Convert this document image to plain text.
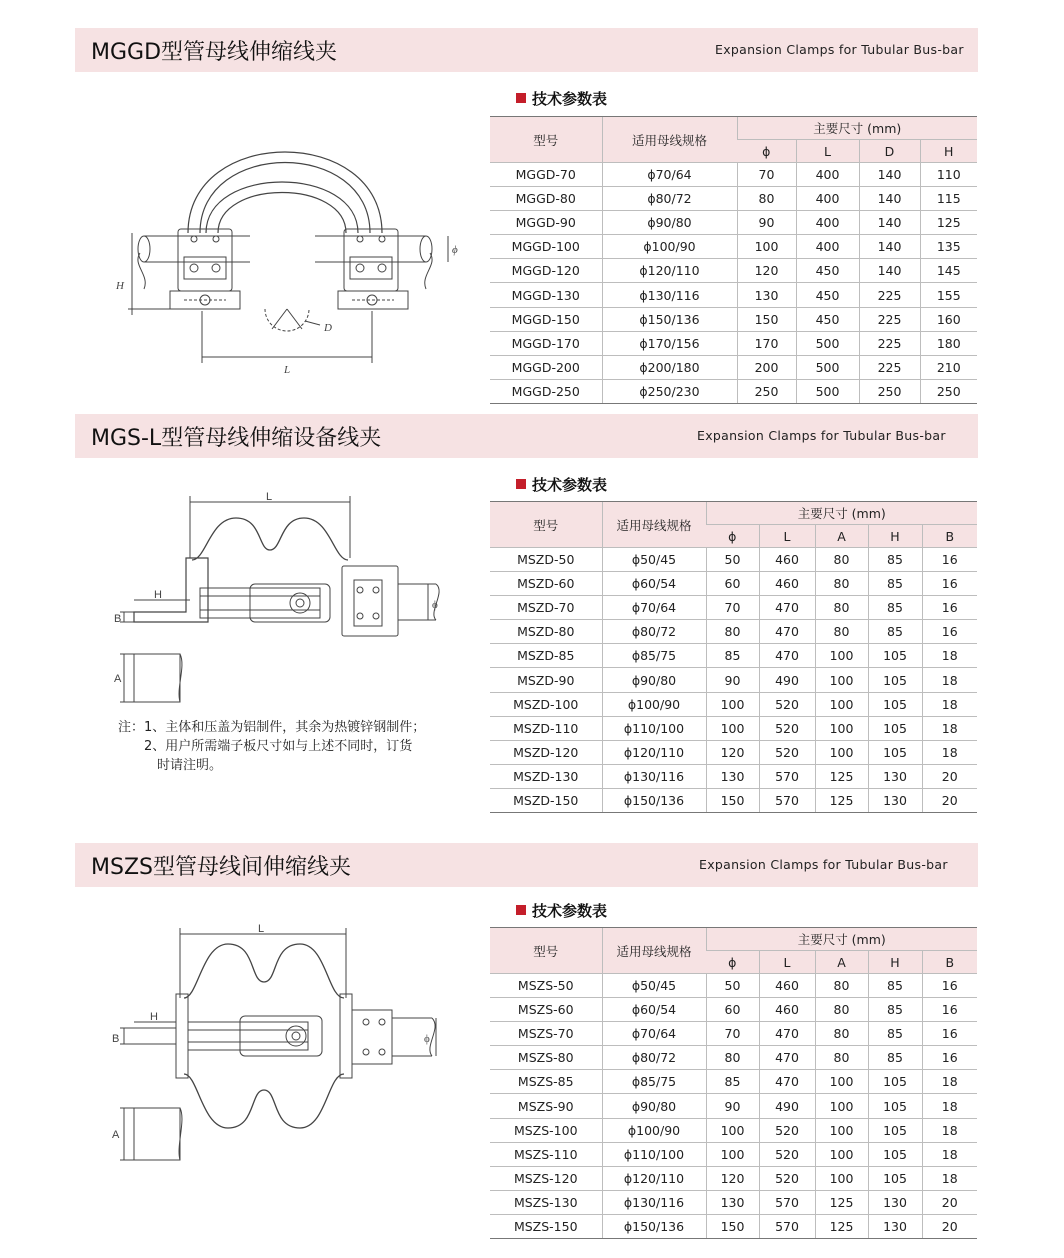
MGGD型管母线伸缩线夹	Expansion Clamps for Tubular Bus-bar
技术参数表
H
L
D
ϕ
型号	适用母线规格	主要尺寸 (mm)			
		ϕ	L	D	H
MGGD-70	ϕ70/64	70	400	140	110
MGGD-80	ϕ80/72	80	400	140	115
MGGD-90	ϕ90/80	90	400	140	125
MGGD-100	ϕ100/90	100	400	140	135
MGGD-120	ϕ120/110	120	450	140	145
MGGD-130	ϕ130/116	130	450	225	155
MGGD-150	ϕ150/136	150	450	225	160
MGGD-170	ϕ170/156	170	500	225	180
MGGD-200	ϕ200/180	200	500	225	210
MGGD-250	ϕ250/230	250	500	250	250
MGS-L型管母线伸缩设备线夹	Expansion Clamps for Tubular Bus-bar
技术参数表
L
ϕ
H
B
A
注：1、主体和压盖为铝制件，其余为热镀锌钢制件；
　　2、用户所需端子板尺寸如与上述不同时，订货
　　　时请注明。
型号	适用母线规格	主要尺寸 (mm)				
		ϕ	L	A	H	B
MSZD-50	ϕ50/45	50	460	80	85	16
MSZD-60	ϕ60/54	60	460	80	85	16
MSZD-70	ϕ70/64	70	470	80	85	16
MSZD-80	ϕ80/72	80	470	80	85	16
MSZD-85	ϕ85/75	85	470	100	105	18
MSZD-90	ϕ90/80	90	490	100	105	18
MSZD-100	ϕ100/90	100	520	100	105	18
MSZD-110	ϕ110/100	100	520	100	105	18
MSZD-120	ϕ120/110	120	520	100	105	18
MSZD-130	ϕ130/116	130	570	125	130	20
MSZD-150	ϕ150/136	150	570	125	130	20
MSZS型管母线间伸缩线夹	Expansion Clamps for Tubular Bus-bar
技术参数表
L
ϕ
H
B
A
型号	适用母线规格	主要尺寸 (mm)				
		ϕ	L	A	H	B
MSZS-50	ϕ50/45	50	460	80	85	16
MSZS-60	ϕ60/54	60	460	80	85	16
MSZS-70	ϕ70/64	70	470	80	85	16
MSZS-80	ϕ80/72	80	470	80	85	16
MSZS-85	ϕ85/75	85	470	100	105	18
MSZS-90	ϕ90/80	90	490	100	105	18
MSZS-100	ϕ100/90	100	520	100	105	18
MSZS-110	ϕ110/100	100	520	100	105	18
MSZS-120	ϕ120/110	120	520	100	105	18
MSZS-130	ϕ130/116	130	570	125	130	20
MSZS-150	ϕ150/136	150	570	125	130	20
